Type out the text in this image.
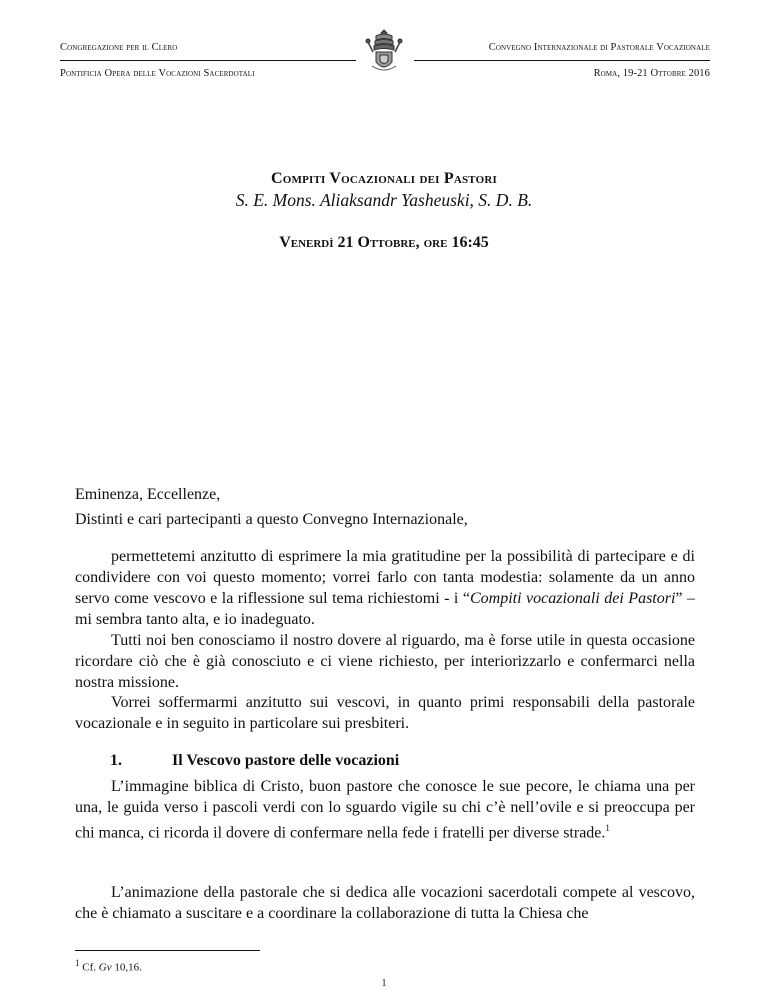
Congregazione per il Clero
Pontificia Opera delle Vocazioni Sacerdotali
Convegno Internazionale di Pastorale Vocazionale
Roma, 19-21 Ottobre 2016
Compiti Vocazionali dei Pastori
S. E. Mons. Aliaksandr Yasheuski, S. D. B.
Venerdì 21 Ottobre, ore 16:45
Eminenza, Eccellenze,
Distinti e cari partecipanti a questo Convegno Internazionale,
permettetemi anzitutto di esprimere la mia gratitudine per la possibilità di partecipare e di condividere con voi questo momento; vorrei farlo con tanta modestia: solamente da un anno servo come vescovo e la riflessione sul tema richiestomi - i “Compiti vocazionali dei Pastori” – mi sembra tanto alta, e io inadeguato.
Tutti noi ben conosciamo il nostro dovere al riguardo, ma è forse utile in questa occasione ricordare ciò che è già conosciuto e ci viene richiesto, per interiorizzarlo e confermarci nella nostra missione.
Vorrei soffermarmi anzitutto sui vescovi, in quanto primi responsabili della pastorale vocazionale e in seguito in particolare sui presbiteri.
1.	Il Vescovo pastore delle vocazioni
L’immagine biblica di Cristo, buon pastore che conosce le sue pecore, le chiama una per una, le guida verso i pascoli verdi con lo sguardo vigile su chi c’è nell’ovile e si preoccupa per chi manca, ci ricorda il dovere di confermare nella fede i fratelli per diverse strade.$^1$
L’animazione della pastorale che si dedica alle vocazioni sacerdotali compete al vescovo, che è chiamato a suscitare e a coordinare la collaborazione di tutta la Chiesa che
$^1$ Cf. Gv 10,16.
1
